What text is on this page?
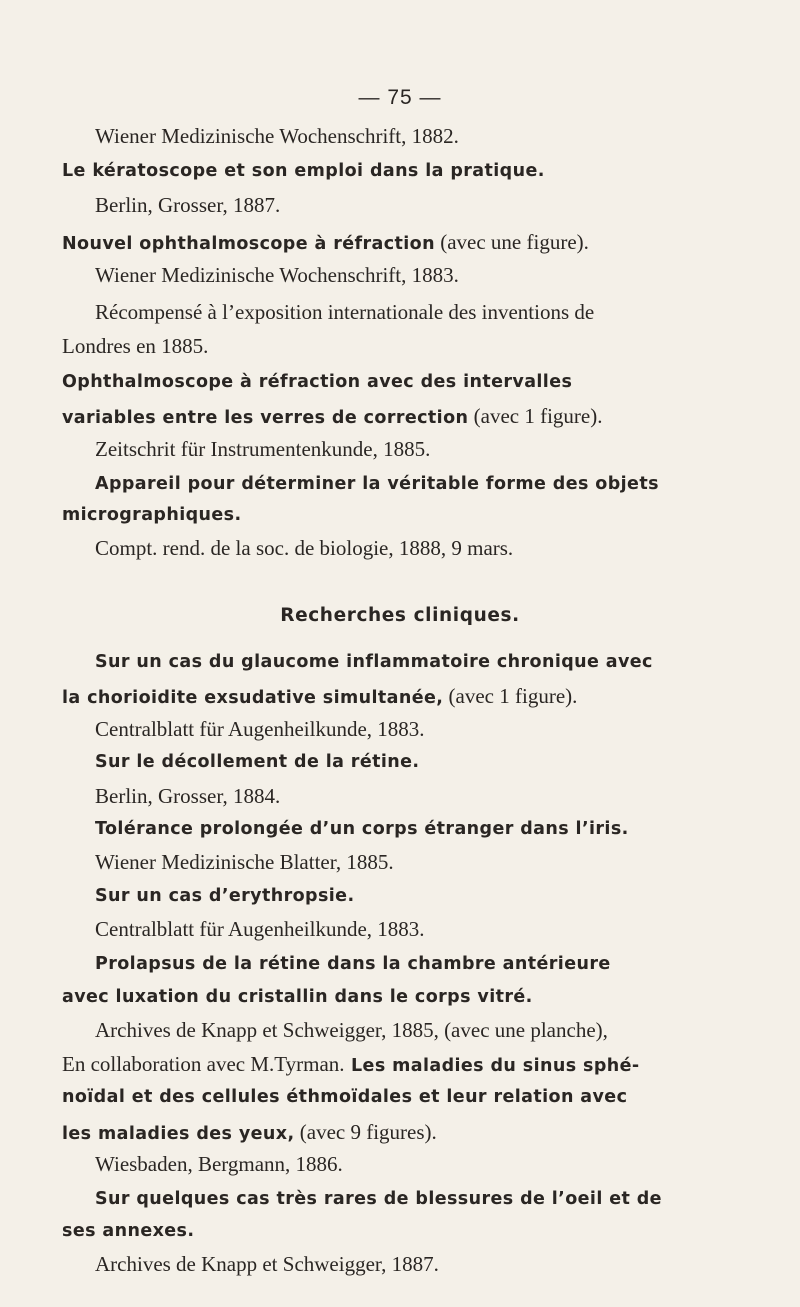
— 75 —
Wiener Medizinische Wochenschrift, 1882.
Le kératoscope et son emploi dans la pratique.
Berlin, Grosser, 1887.
Nouvel ophthalmoscope à réfraction (avec une figure).
Wiener Medizinische Wochenschrift, 1883.
Récompensé à l’exposition internationale des inventions de
Londres en 1885.
Ophthalmoscope à réfraction avec des intervalles
variables entre les verres de correction (avec 1 figure).
Zeitschrit für Instrumentenkunde, 1885.
Appareil pour déterminer la véritable forme des objets
micrographiques.
Compt. rend. de la soc. de biologie, 1888, 9 mars.
Recherches cliniques.
Sur un cas du glaucome inflammatoire chronique avec
la chorioidite exsudative simultanée, (avec 1 figure).
Centralblatt für Augenheilkunde, 1883.
Sur le décollement de la rétine.
Berlin, Grosser, 1884.
Tolérance prolongée d’un corps étranger dans l’iris.
Wiener Medizinische Blatter, 1885.
Sur un cas d’erythropsie.
Centralblatt für Augenheilkunde, 1883.
Prolapsus de la rétine dans la chambre antérieure
avec luxation du cristallin dans le corps vitré.
Archives de Knapp et Schweigger, 1885, (avec une planche),
En collaboration avec M.Tyrman. Les maladies du sinus sphé-
noïdal et des cellules éthmoïdales et leur relation avec
les maladies des yeux, (avec 9 figures).
Wiesbaden, Bergmann, 1886.
Sur quelques cas très rares de blessures de l’oeil et de
ses annexes.
Archives de Knapp et Schweigger, 1887.
